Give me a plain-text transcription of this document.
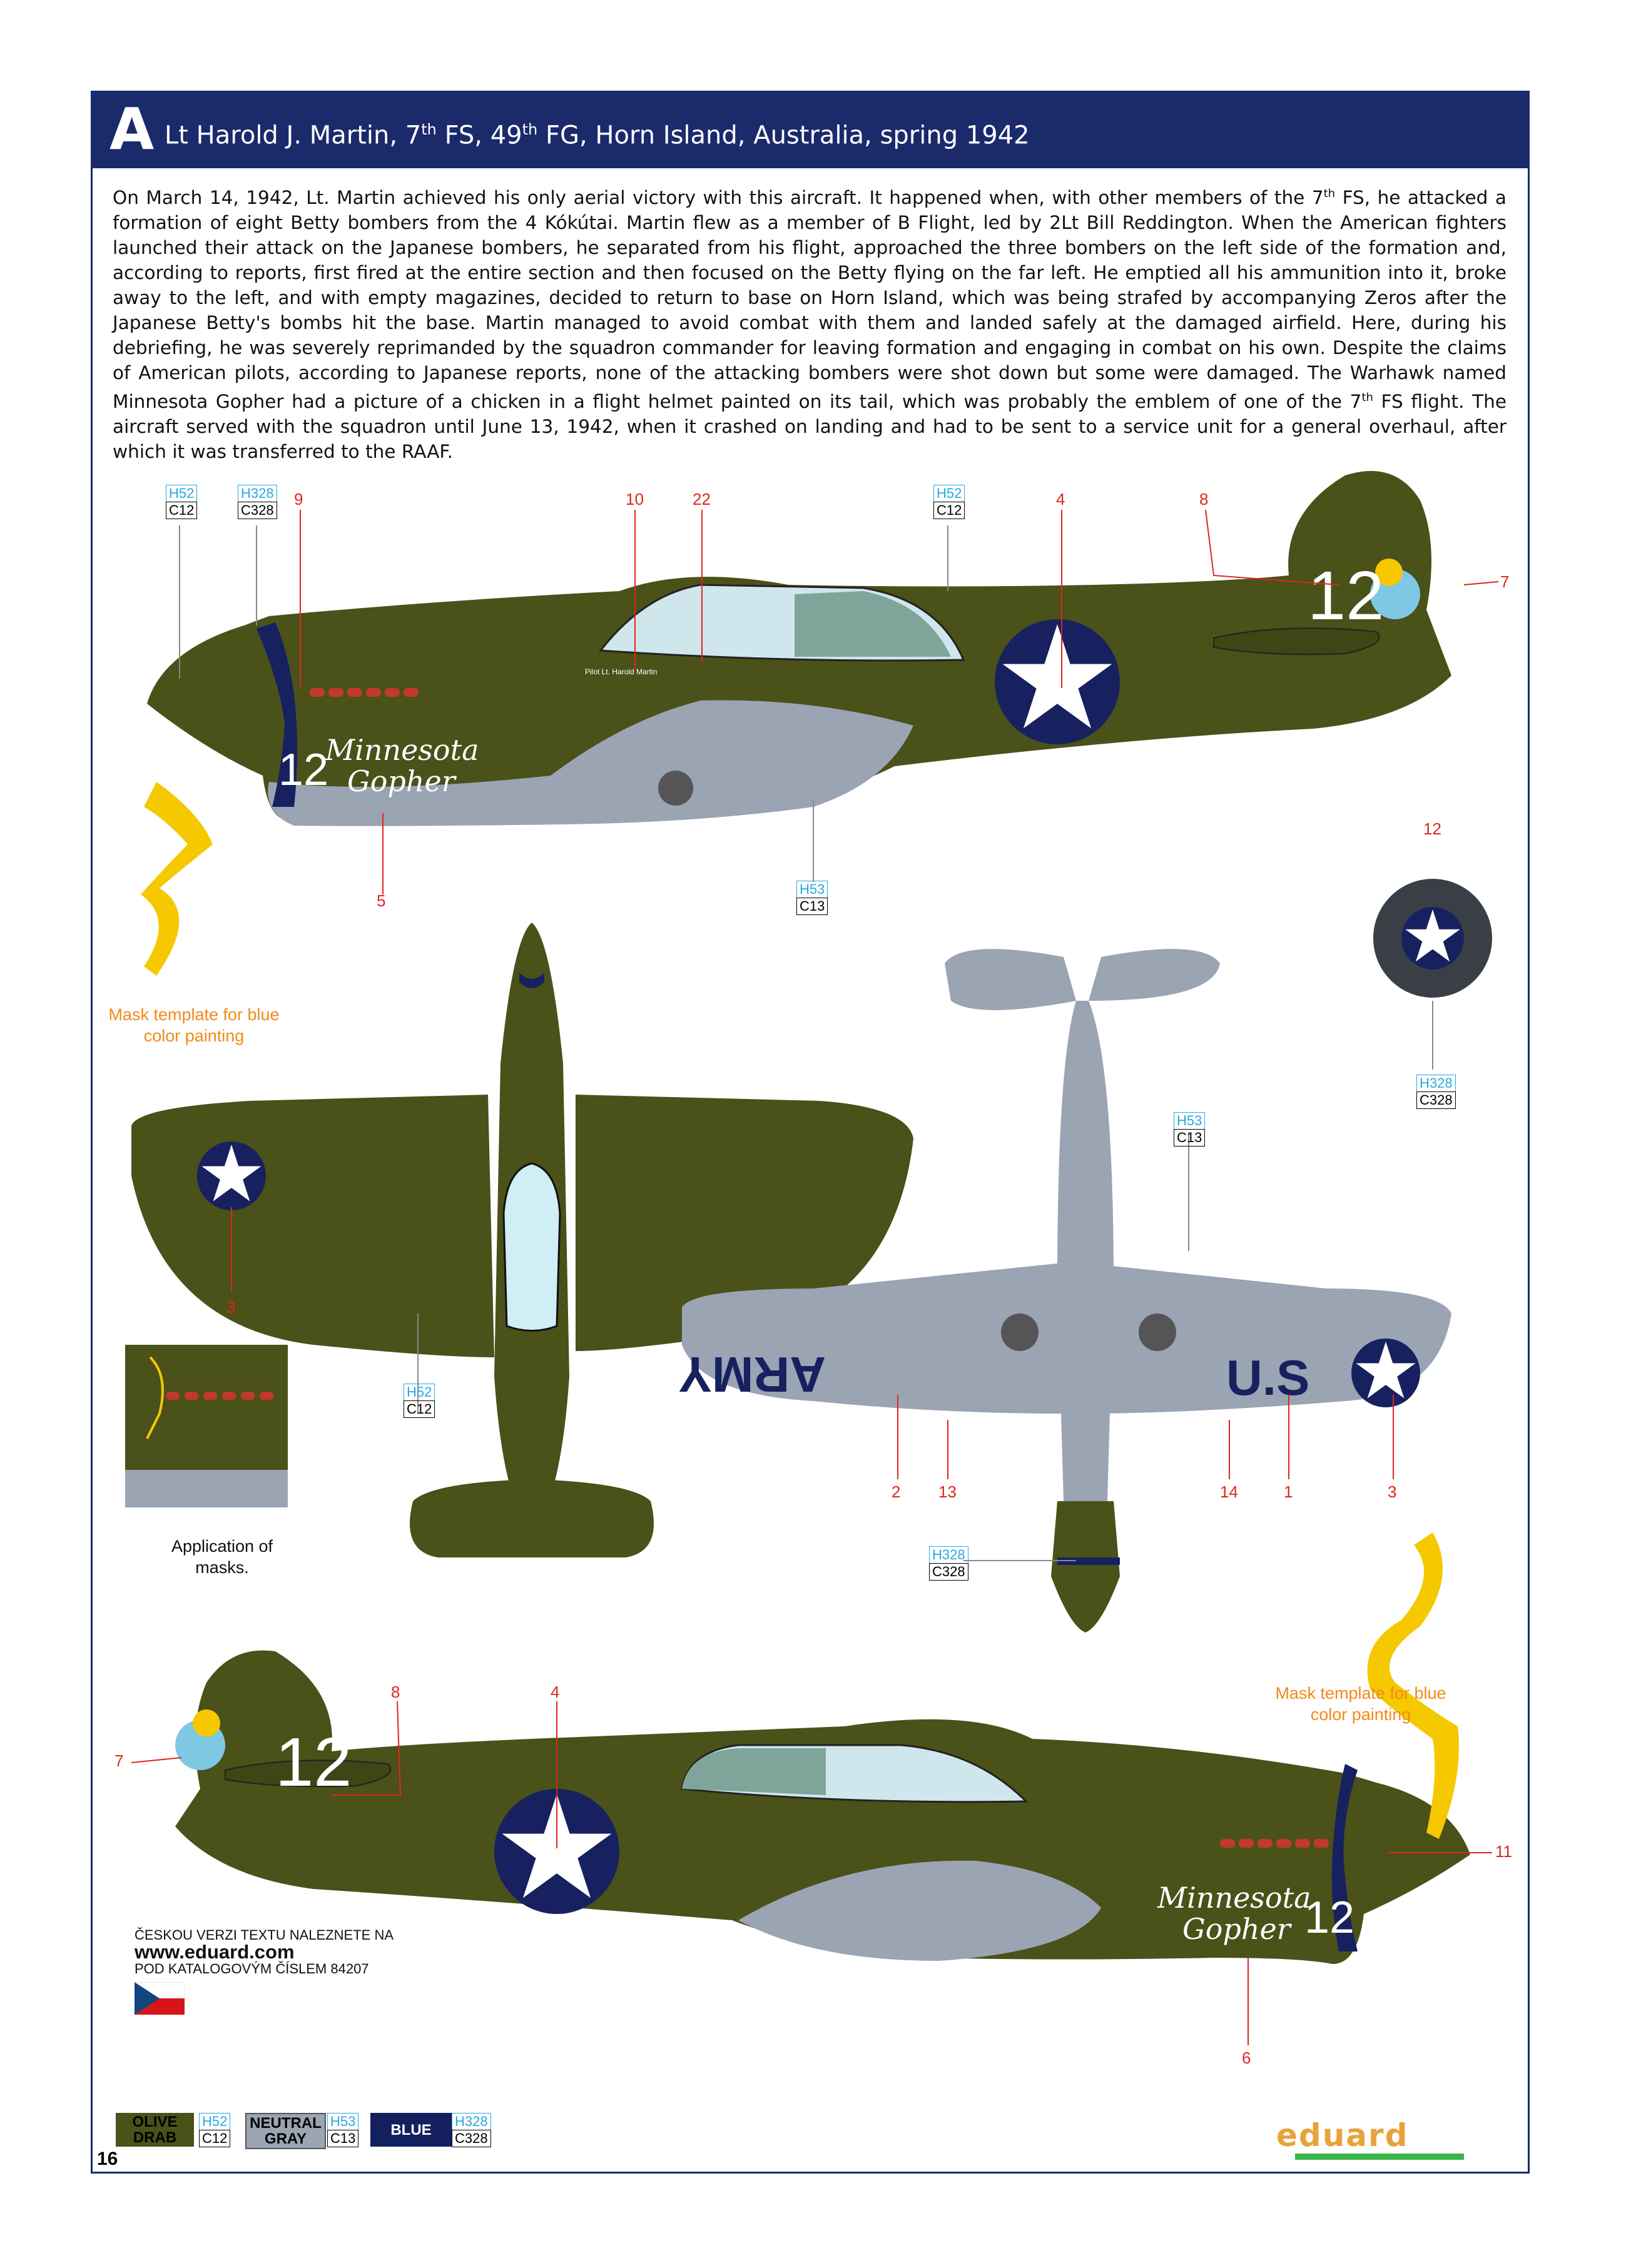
A Lt Harold J. Martin, 7th FS, 49th FG, Horn Island, Australia, spring 1942
On March 14, 1942, Lt. Martin achieved his only aerial victory with this aircraft. It happened when, with other members of the 7th FS, he attacked a formation of eight Betty bombers from the 4 Kókútai. Martin flew as a member of B Flight, led by 2Lt Bill Reddington. When the American fighters launched their attack on the Japanese bombers, he separated from his flight, approached the three bombers on the left side of the formation and, according to reports, first fired at the entire section and then focused on the Betty flying on the far left. He emptied all his ammunition into it, broke away to the left, and with empty magazines, decided to return to base on Horn Island, which was being strafed by accompanying Zeros after the Japanese Betty's bombs hit the base. Martin managed to avoid combat with them and landed safely at the damaged airfield. Here, during his debriefing, he was severely reprimanded by the squadron commander for leaving formation and engaging in combat on his own. Despite the claims of American pilots, according to Japanese reports, none of the attacking bombers were shot down but some were damaged. The Warhawk named Minnesota Gopher had a picture of a chicken in a flight helmet painted on its tail, which was probably the emblem of one of the 7th FS flight. The aircraft served with the squadron until June 13, 1942, when it crashed on landing and had to be sent to a service unit for a general overhaul, after which it was transferred to the RAAF.
12
12
Minnesota
Gopher
Pilot Lt. Harold Martin
ARMY	U.S
12
12
Minnesota
Gopher
H52
C12
H328
C328
H52
C12
H53
C13
H328
C328
H53
C13
H52
C12
H328
C328
9	10	22	4	8
7
5
12
3
2 13	14	1	3
8	4
7
11
6
Mask template for blue color painting
Mask template for blue color painting
Application of masks.
ČESKOU VERZI TEXTU NALEZNETE NA
www.eduard.com
POD KATALOGOVÝM ČÍSLEM 84207
OLIVE DRAB
H52
C12
NEUTRAL GRAY
H53
C13	BLUE	H328
C328
16
eduard
